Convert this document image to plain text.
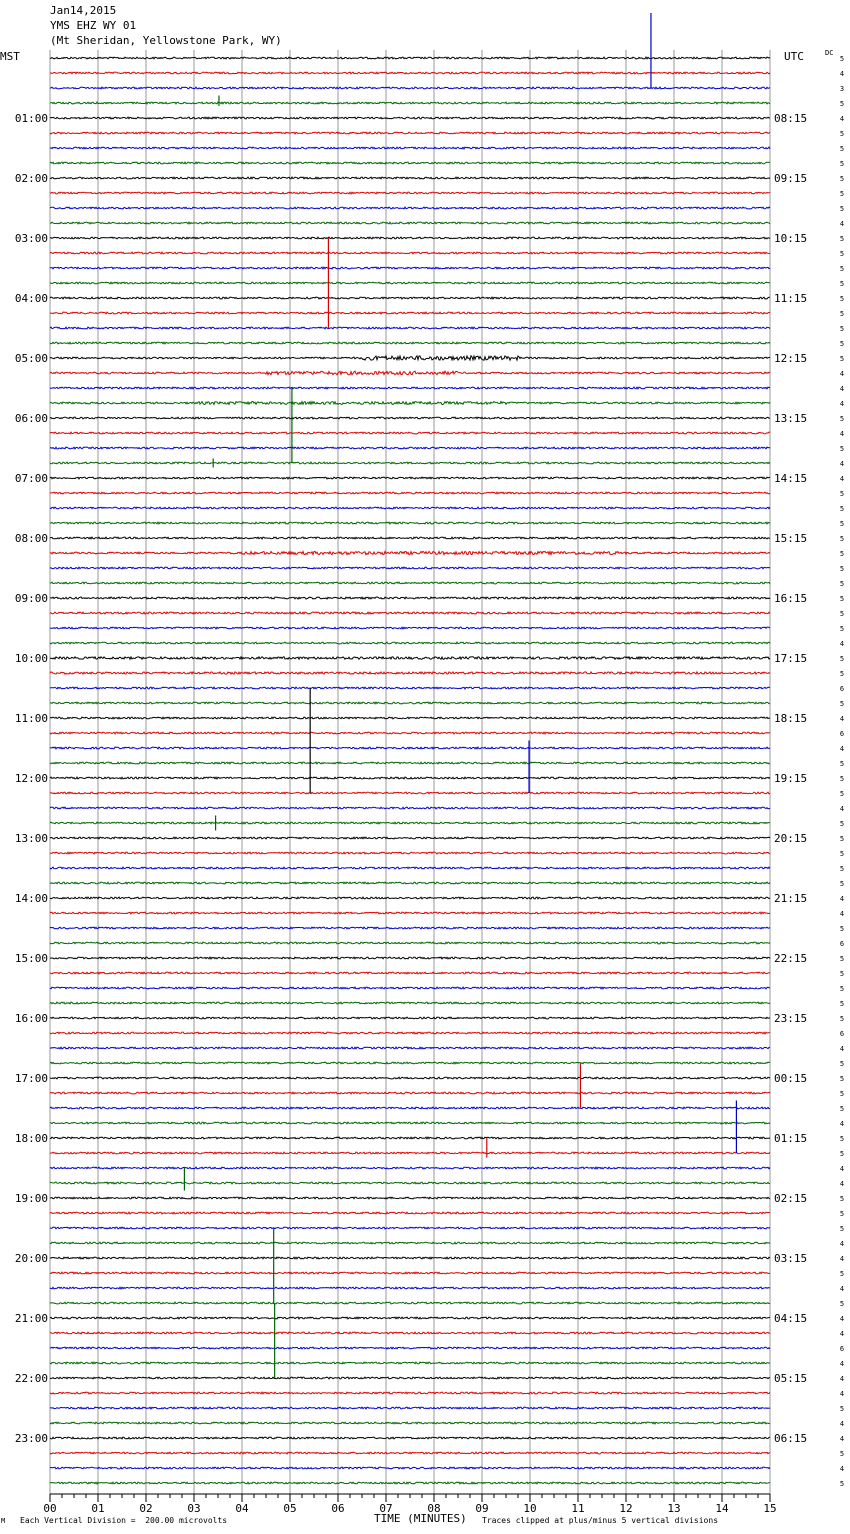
00	01	02	03	04	05	06	07	08	09	10	11	12	13	14	15
01:00
02:00
03:00
04:00
05:00
06:00
07:00
08:00
09:00
10:00
11:00
12:00
13:00
14:00
15:00
16:00
17:00
18:00
19:00
20:00
21:00
22:00
23:00
08:15
09:15
10:15
11:15
12:15
13:15
14:15
15:15
16:15
17:15
18:15
19:15
20:15
21:15
22:15
23:15
00:15
01:15
02:15
03:15
04:15
05:15
06:15
5
4
3
5
4
5
5
5
5
5
5
4
5
5
5
5
5
5
5
5
5
4
4
4
5
4
5
4
4
5
5
5
5
5
5
5
5
5
5
4
5
5
6
5
4
6
4
5
5
5
4
5
5
5
5
5
4
4
5
6
5
5
5
5
5
6
4
5
5
5
5
4
5
5
4
4
5
5
5
4
4
5
4
5
4
4
6
4
4
4
5
4
4
5
4
5
Jan14,2015
YMS EHZ WY 01
(Mt Sheridan, Yellowstone Park, WY)
MST	UTC	DC
M Each Vertical Division =  200.00 microvolts	TIME (MINUTES) Traces clipped at plus/minus 5 vertical divisions
